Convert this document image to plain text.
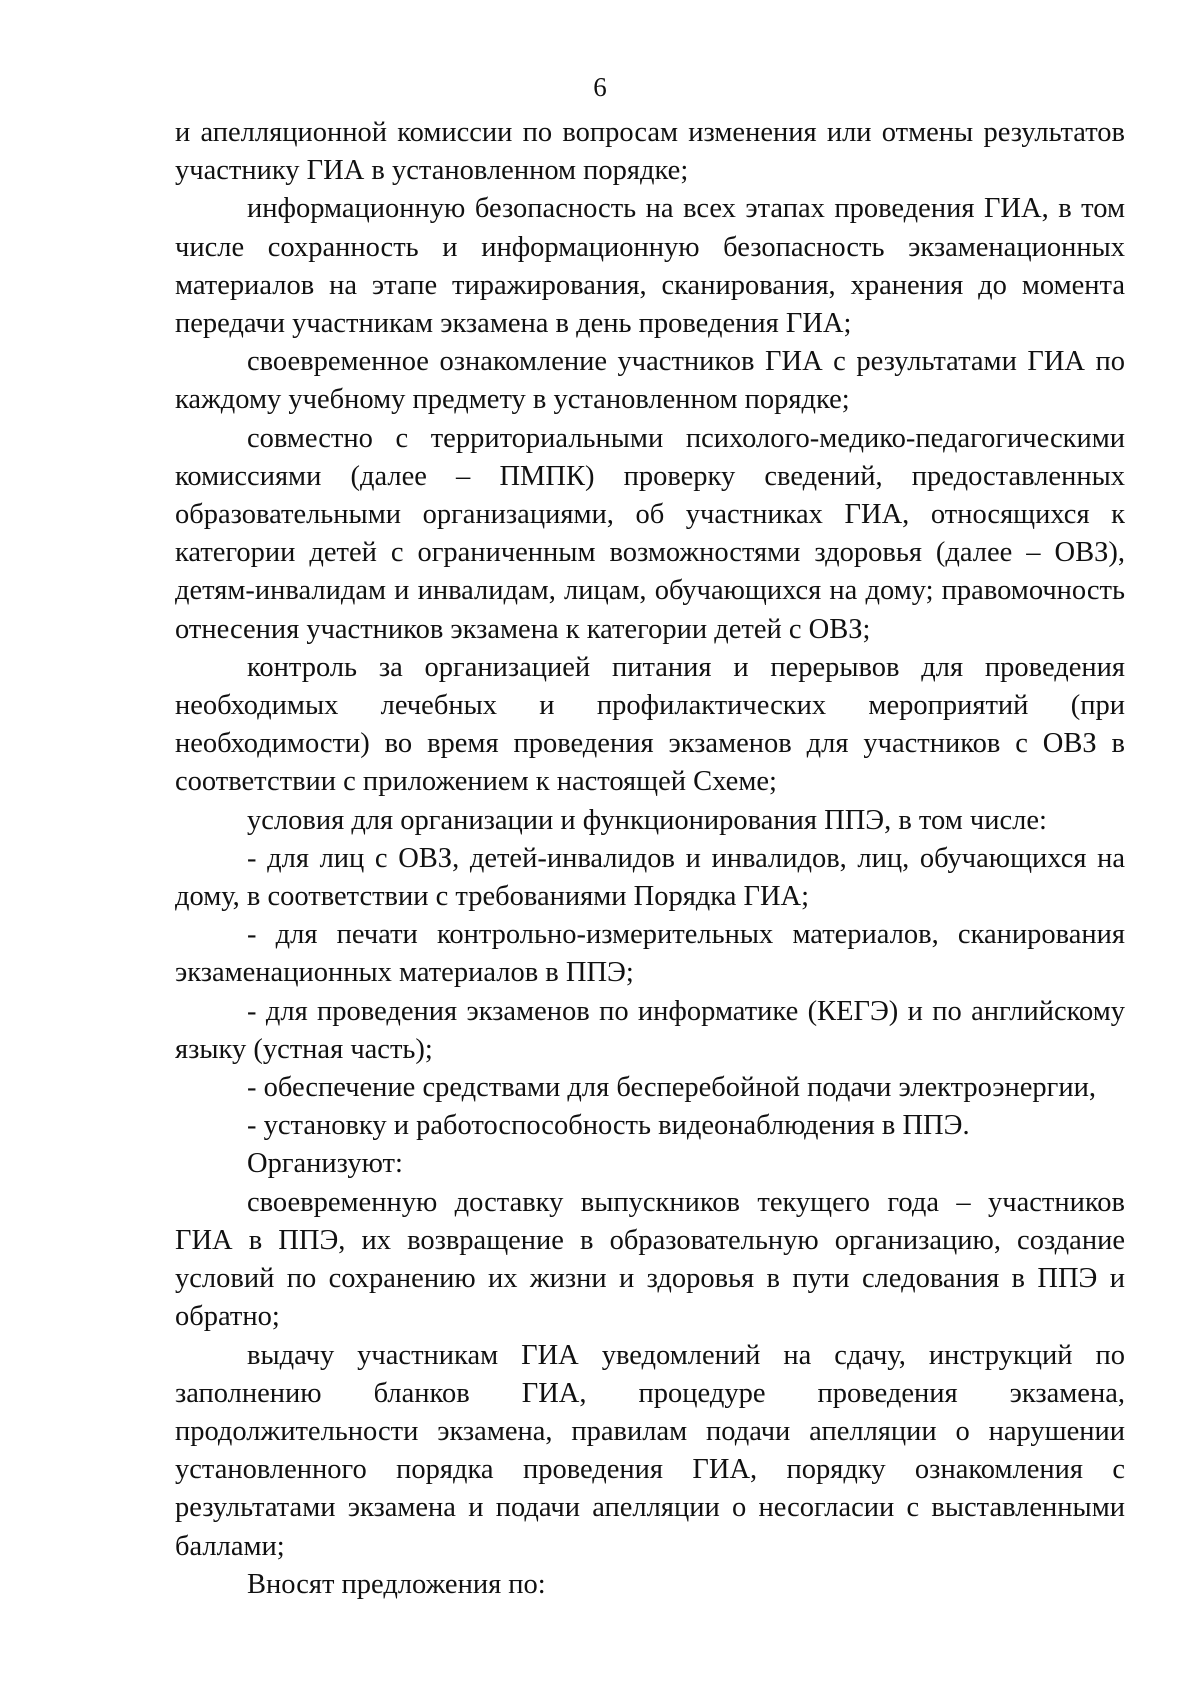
6

и апелляционной комиссии по вопросам изменения или отмены результатов участнику ГИА в установленном порядке;

информационную безопасность на всех этапах проведения ГИА, в том числе сохранность и информационную безопасность экзаменационных материалов на этапе тиражирования, сканирования, хранения до момента передачи участникам экзамена в день проведения ГИА;

своевременное ознакомление участников ГИА с результатами ГИА по каждому учебному предмету в установленном порядке;

совместно с территориальными психолого-медико-педагогическими комиссиями (далее – ПМПК) проверку сведений, предоставленных образовательными организациями, об участниках ГИА, относящихся к категории детей с ограниченным возможностями здоровья (далее – ОВЗ), детям-инвалидам и инвалидам, лицам, обучающихся на дому; правомочность отнесения участников экзамена к категории детей с ОВЗ;

контроль за организацией питания и перерывов для проведения необходимых лечебных и профилактических мероприятий (при необходимости) во время проведения экзаменов для участников с ОВЗ в соответствии с приложением к настоящей Схеме;

условия для организации и функционирования ППЭ, в том числе:

- для лиц с ОВЗ, детей-инвалидов и инвалидов, лиц, обучающихся на дому, в соответствии с требованиями Порядка ГИА;

- для печати контрольно-измерительных материалов, сканирования экзаменационных материалов в ППЭ;

- для проведения экзаменов по информатике (КЕГЭ) и по английскому языку (устная часть);

- обеспечение средствами для бесперебойной подачи электроэнергии,

- установку и работоспособность видеонаблюдения в ППЭ.

Организуют:

своевременную доставку выпускников текущего года – участников ГИА в ППЭ, их возвращение в образовательную организацию, создание условий по сохранению их жизни и здоровья в пути следования в ППЭ и обратно;

выдачу участникам ГИА уведомлений на сдачу, инструкций по заполнению бланков ГИА, процедуре проведения экзамена, продолжительности экзамена, правилам подачи апелляции о нарушении установленного порядка проведения ГИА, порядку ознакомления с результатами экзамена и подачи апелляции о несогласии с выставленными баллами;

Вносят предложения по:
